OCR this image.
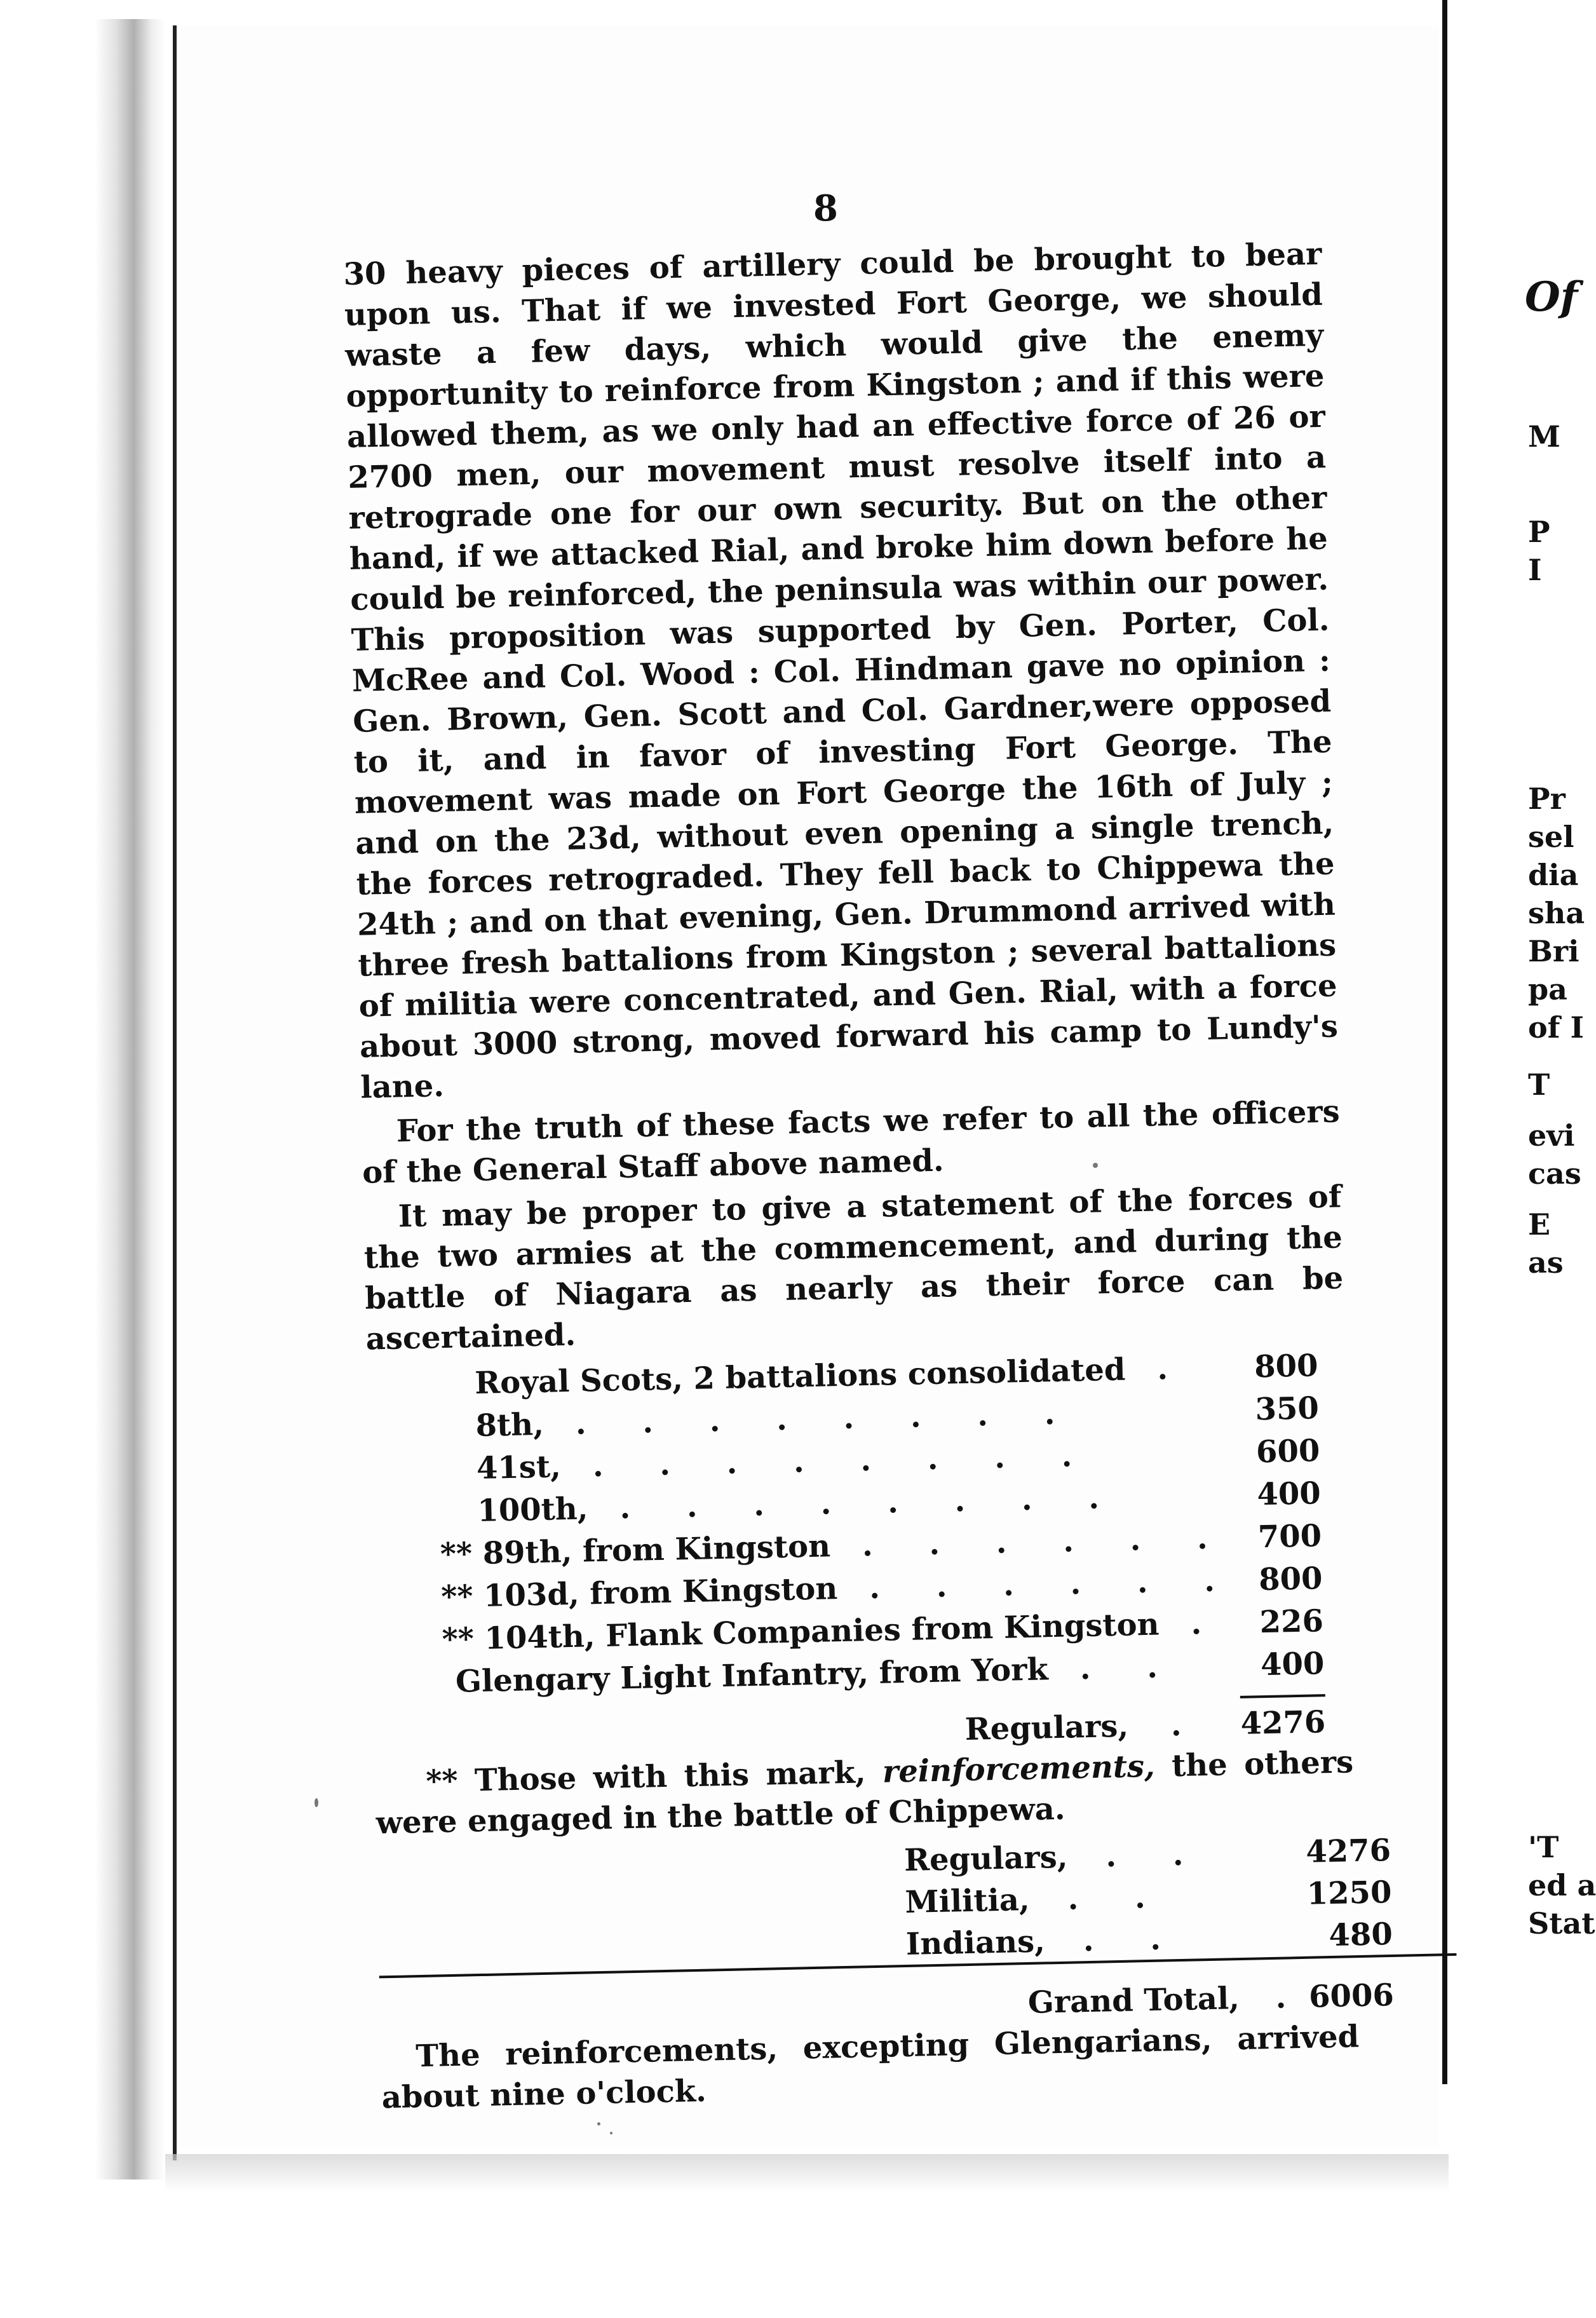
8

30 heavy pieces of artillery could be brought to bear upon us. That if we invested Fort George, we should waste a few days, which would give the enemy opportunity to reinforce from Kingston ; and if this were allowed them, as we only had an effective force of 26 or 2700 men, our movement must resolve itself into a retrograde one for our own security. But on the other hand, if we attacked Rial, and broke him down before he could be reinforced, the peninsula was within our power. This proposition was supported by Gen. Porter, Col. McRee and Col. Wood : Col. Hindman gave no opinion : Gen. Brown, Gen. Scott and Col. Gardner,were opposed to it, and in favor of investing Fort George. The movement was made on Fort George the 16th of July ; and on the 23d, without even opening a single trench, the forces retrograded. They fell back to Chippewa the 24th ; and on that evening, Gen. Drummond arrived with three fresh battalions from Kingston ; several battalions of militia were concentrated, and Gen. Rial, with a force about 3000 strong, moved forward his camp to Lundy's lane.

For the truth of these facts we refer to all the officers of the General Staff above named.

It may be proper to give a statement of the forces of the two armies at the commencement, and during the battle of Niagara as nearly as their force can be ascertained.

Royal Scots, 2 battalions consolidated .	800
8th, . . . . . . . .	350
41st, . . . . . . . .	600
100th, . . . . . . . .	400
** 89th, from Kingston . . . . . .	700
** 103d, from Kingston . . . . . .	800
** 104th, Flank Companies from Kingston .	226
Glengary Light Infantry, from York . .	400
Regulars, .	4276

** Those with this mark, reinforcements, the others were engaged in the battle of Chippewa.

Regulars, . .	4276
Militia, . .	1250
Indians, . .	480
Grand Total, .	6006

The reinforcements, excepting Glengarians, arrived about nine o'clock.

Of
M
P
I
Pr
sel
dia
sha
Bri
pa
of I
T
evi
cas
E
as
'T
ed a
Stat
